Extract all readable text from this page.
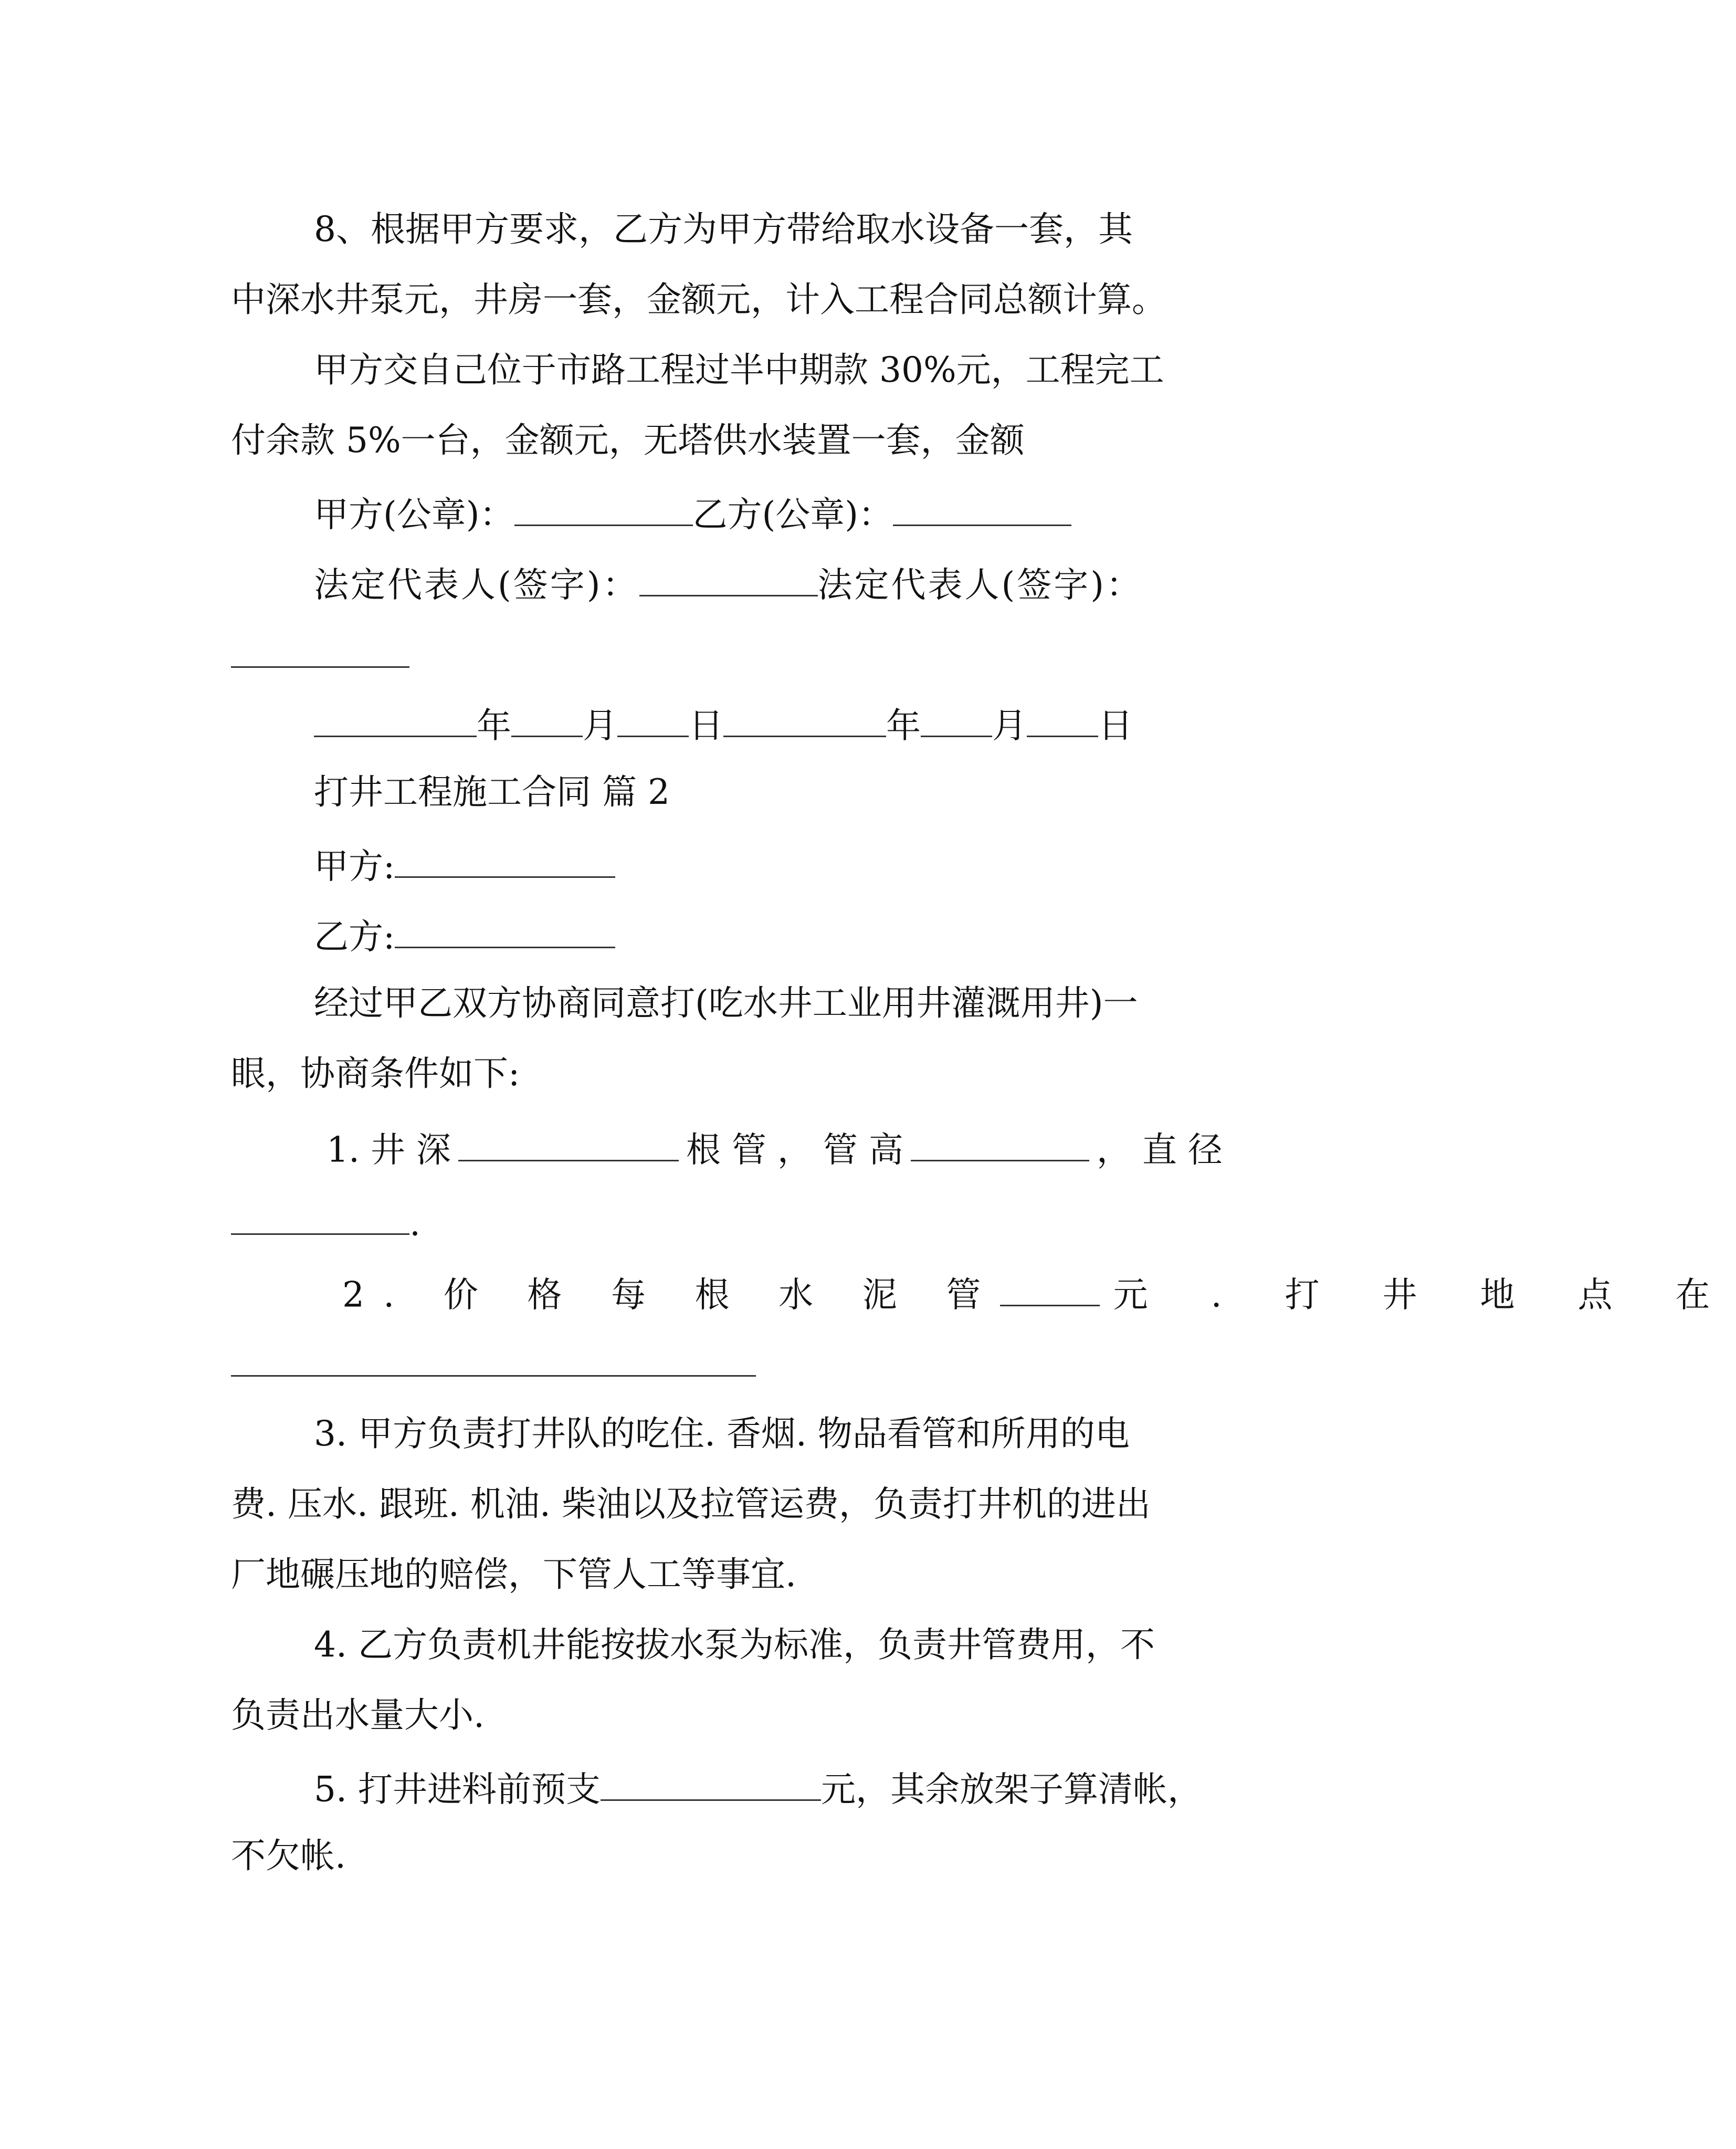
8、根据甲方要求，乙方为甲方带给取水设备一套，其
中深水井泵元，井房一套，金额元，计入工程合同总额计算。
甲方交自己位于市路工程过半中期款 30%元，工程完工
付余款 5%一台，金额元，无塔供水装置一套，金额
甲方(公章)：	乙方(公章)：
法定代表人(签字)：	法定代表人(签字)：
年 月 日	年 月 日
打井工程施工合同 篇 2
甲方:
乙方:
经过甲乙双方协商同意打(吃水井工业用井灌溉用井)一
眼，协商条件如下:
1. 井 深	根 管 ， 管 高	， 直 径
.
2. 价 格 每 根 水 泥 管	元 . 打 井 地 点 在
3. 甲方负责打井队的吃住. 香烟. 物品看管和所用的电
费. 压水. 跟班. 机油. 柴油以及拉管运费，负责打井机的进出
厂地碾压地的赔偿，下管人工等事宜.
4. 乙方负责机井能按拔水泵为标准，负责井管费用，不
负责出水量大小.
5. 打井进料前预支	元，其余放架子算清帐，
不欠帐.
